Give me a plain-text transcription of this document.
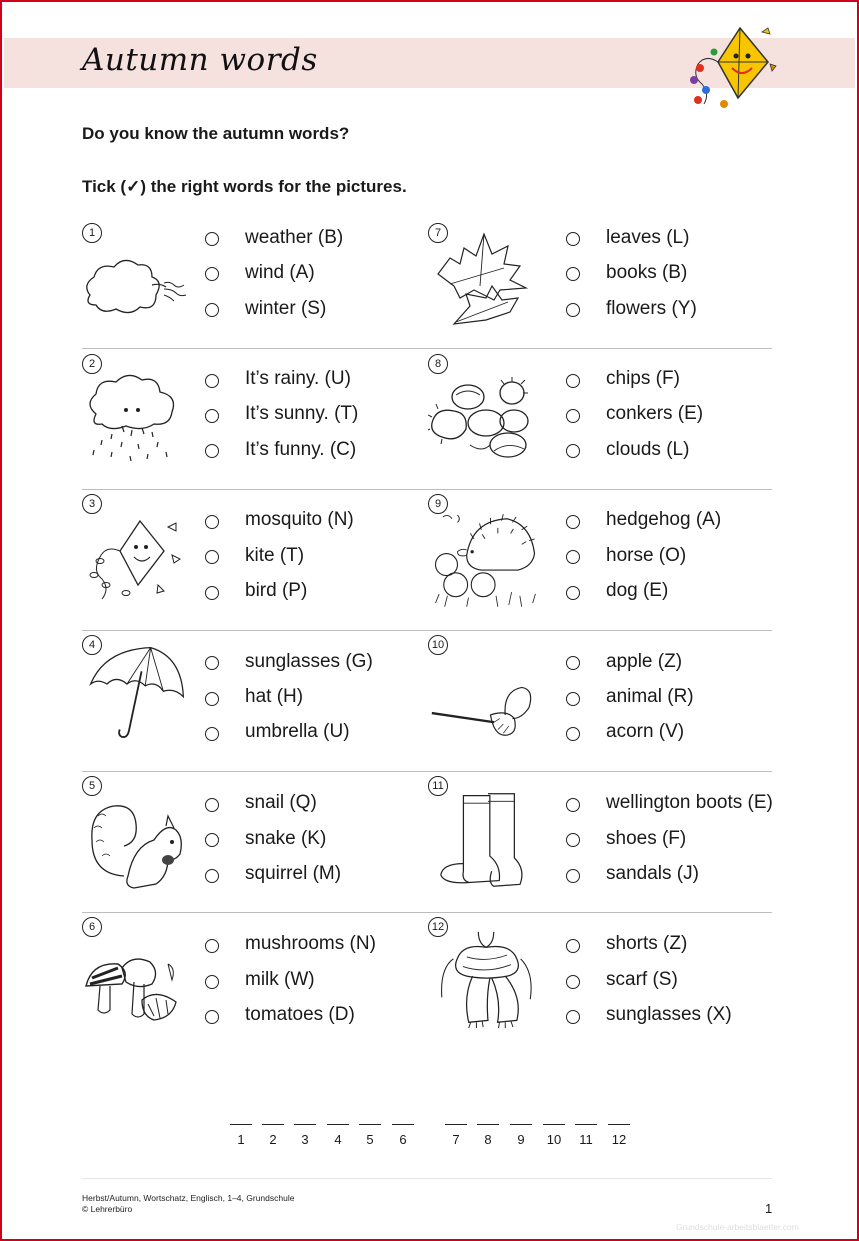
Autumn words
Do you know the autumn words?
Tick (✓) the right words for the pictures.
1	weather (B)
wind (A)
winter (S)
2
It’s rainy. (U)
It’s sunny. (T)
It’s funny. (C)
3
mosquito (N)
kite (T)
bird (P)
4
sunglasses (G)
hat (H)
umbrella (U)
5
snail (Q)
snake (K)
squirrel (M)
6
mushrooms (N)
milk (W)
tomatoes (D)
7	leaves (L)
books (B)
flowers (Y)
8
chips (F)
conkers (E)
clouds (L)
9
hedgehog (A)
horse (O)
dog (E)
10
apple (Z)
animal (R)
acorn (V)
11
wellington boots (E)
shoes (F)
sandals (J)
12
shorts (Z)
scarf (S)
sunglasses (X)
1	2	3	4	5	6	7	8	9	10	11	12
Herbst/Autumn, Wortschatz, Englisch, 1–4, Grundschule
© Lehrerbüro	1
Grundschule-arbeitsblaetter.com
